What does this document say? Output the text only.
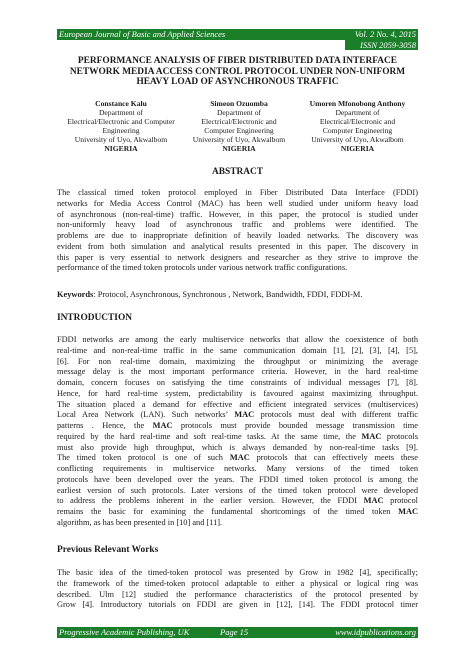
European Journal of Basic and Applied Sciences	Vol. 2 No. 4, 2015
ISSN 2059-3058
PERFORMANCE ANALYSIS OF FIBER DISTRIBUTED DATA INTERFACE
NETWORK MEDIA ACCESS CONTROL PROTOCOL UNDER NON-UNIFORM
HEAVY LOAD OF ASYNCHRONOUS TRAFFIC
Constance Kalu
Department of
Electrical/Electronic and Computer
Engineering
University of Uyo, Akwalbom
NIGERIA
Simeon Ozuomba
Department of
Electrical/Electronic and
Computer Engineering
University of Uyo, Akwalbom
NIGERIA
Umoren Mfonobong Anthony
Department of
Electrical/Electronic and
Computer Engineering
University of Uyo, Akwalbom
NIGERIA
ABSTRACT
The classical timed token protocol employed in Fiber Distributed Data Interface (FDDI)
networks for Media Access Control (MAC) has been well studied under uniform heavy load
of asynchronous (non-real-time) traffic. However, in this paper, the protocol is studied under
non-uniformly heavy load of asynchronous traffic and problems were identified. The
problems are due to inappropriate definition of heavily loaded networks. The discovery was
evident from both simulation and analytical results presented in this paper. The discovery in
this paper is very essential to network designers and researcher as they strive to improve the
performance of the timed token protocols under various network traffic configurations.
Keywords: Protocol, Asynchronous, Synchronous , Network, Bandwidth, FDDI, FDDI-M.
INTRODUCTION
FDDI networks are among the early multiservice networks that allow the coexistence of both
real-time and non-real-time traffic in the same communication domain [1], [2], [3], [4], [5],
[6]. For non real-time domain, maximizing the throughput or minimizing the average
message delay is the most important performance criteria. However, in the hard real-time
domain, concern focuses on satisfying the time constraints of individual messages [7], [8].
Hence, for hard real-time system, predictability is favoured against maximizing throughput.
The situation placed a demand for effective and efficient integrated services (multiservices)
Local Area Network (LAN). Such networks’ MAC protocols must deal with different traffic
patterns . Hence, the MAC protocols must provide bounded message transmission time
required by the hard real-time and soft real-time tasks. At the same time, the MAC protocols
must also provide high throughput, which is always demanded by non-real-time tasks [9].
The timed token protocol is one of such MAC protocols that can effectively meets these
conflicting requirements in multiservice networks. Many versions of the timed token
protocols have been developed over the years. The FDDI timed token protocol is among the
earliest version of such protocols. Later versions of the timed token protocol were developed
to address the problems inherent in the earlier version. However, the FDDI MAC protocol
remains the basic for examining the fundamental shortcomings of the timed token MAC
algorithm, as has been presented in [10] and [11].
Previous Relevant Works
The basic idea of the timed-token protocol was presented by Grow in 1982 [4], specifically;
the framework of the timed-token protocol adaptable to either a physical or logical ring was
described. Ulm [12] studied the performance characteristics of the protocol presented by
Grow [4]. Introductory tutorials on FDDI are given in [12], [14]. The FDDI protocol timer
Progressive Academic Publishing, UK	Page 15	www.idpublications.org
